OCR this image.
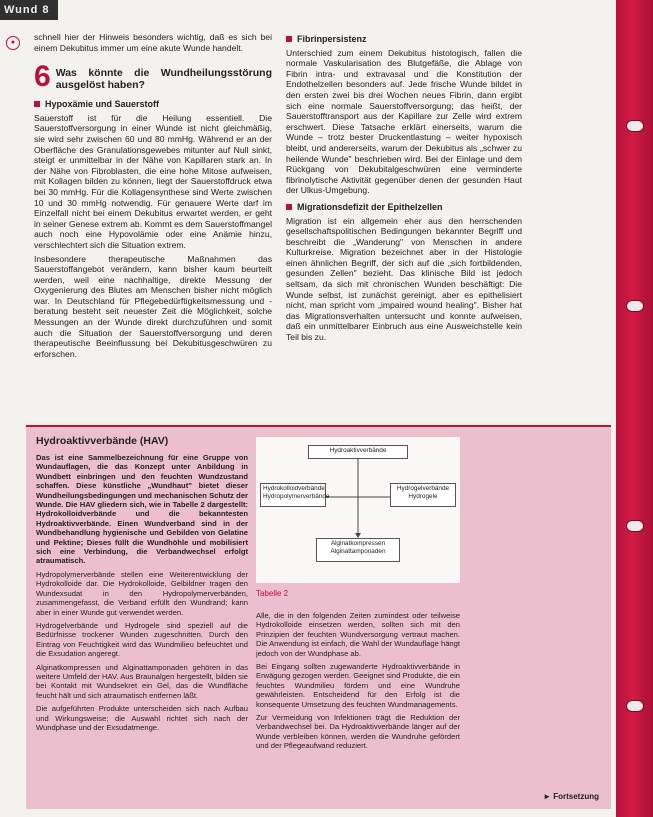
Wund 8
●

schnell hier der Hinweis besonders wichtig, daß es sich bei einem Dekubitus immer um eine akute Wunde handelt.

6 Was könnte die Wundheilungsstörung ausgelöst haben?
Hypoxämie und Sauerstoff

Sauerstoff ist für die Heilung essentiell. Die Sauerstoffversorgung in einer Wunde ist nicht gleichmäßig, sie wird sehr zwischen 60 und 80 mmHg. Während er an der Oberfläche des Granulationsgewebes mitunter auf Null sinkt, steigt er unmittelbar in der Nähe von Kapillaren stark an. In der Nähe von Fibroblasten, die eine hohe Mitose aufweisen, mit Kollagen bilden zu können, liegt der Sauerstoffdruck etwa bei 30 mmHg. Für die Kollagensynthese sind Werte zwischen 10 und 30 mmHg notwendig. Für genauere Werte darf im Einzelfall nicht bei einem Dekubitus erwartet werden, er geht in seiner Genese extrem ab. Kommt es dem Sauerstoffmangel auch noch eine Hypovolämie oder eine Anämie hinzu, verschlechtert sich die Situation extrem.

Insbesondere therapeutische Maßnahmen das Sauerstoffangebot verändern, kann bisher kaum beurteilt werden, weil eine nachhaltige, direkte Messung der Oxygenierung des Blutes am Menschen bisher nicht möglich war. In Deutschland für Pflegebedürftigkeitsmessung und -beratung besteht seit neuester Zeit die Möglichkeit, solche Messungen an der Wunde direkt durchzuführen und somit auch die Situation der Sauerstoffversorgung und deren therapeutische Beeinflussung bei Dekubitusgeschwüren zu erforschen.

Fibrinpersistenz

Unterschied zum einem Dekubitus histologisch, fallen die normale Vaskularisation des Blutgefäße, die Ablage von Fibrin intra- und extravasal und die Konstitution der Endothelzellen besonders auf. Jede frische Wunde bildet in den ersten zwei bis drei Wochen neues Fibrin, dann ergibt sich eine normale Sauerstoffversorgung; das heißt, der Sauerstofftransport aus der Kapillare zur Zelle wird extrem erschwert. Diese Tatsache erklärt einerseits, warum die Wunde – trotz bester Druckentlastung – weiter hypoxisch bleibt, und andererseits, warum der Dekubitus als „schwer zu heilende Wunde" beschrieben wird. Bei der Einlage und dem Rückgang von Dekubitalgeschwüren eine verminderte fibrinolytische Aktivität gegenüber denen der gesunden Haut der Ulkus-Umgebung.

Migrationsdefizit der Epithelzellen

Migration ist ein allgemein eher aus den herrschenden gesellschaftspolitischen Bedingungen bekannter Begriff und beschreibt die „Wanderung" von Menschen in andere Kulturkreise. Migration bezeichnet aber in der Histologie einen ähnlichen Begriff, der sich auf die „sich fortbildenden, gesunden Zellen" bezieht. Das klinische Bild ist jedoch seltsam, da sich mit chronischen Wunden beschäftigt: Die Wunde selbst, ist zunächst gereinigt, aber es epithelisiert nicht, man spricht vom „impaired wound healing". Bisher hat das Migrationsverhalten untersucht und konnte aufweisen, daß ein unmittelbarer Einbruch aus eine Ausweichstelle kein Teil bis zu.

Hydroaktivverbände (HAV)

Das ist eine Sammelbezeichnung für eine Gruppe von Wundauflagen, die das Konzept unter Anbildung in Wundbett einbringen und den feuchten Wundzustand schaffen. Diese künstliche „Wundhaut" bietet dieser Wundheilungsbedingungen und mechanischen Schutz der Wunde. Die HAV gliedern sich, wie in Tabelle 2 dargestellt: Hydrokolloidverbände und die bekanntesten Hydroaktivverbände. Einen Wundverband sind in der Wundbehandlung hygienische und Gebilden von Gelatine und Pektine; Dieses füllt die Wundhöhle und mobilisiert sich eine Verbindung, die Verbandwechsel erfolgt atraumatisch.

Hydropolymerverbände stellen eine Weiterentwicklung der Hydrokolloide dar. Die Hydrokolloide, Gelbildner tragen den Wundexsudat in den Hydropolymerverbänden, zusammengefasst, die Verband erfüllt den Wundrand; kann aber in einer Wunde gut verwendet werden.

Hydrogelverbände und Hydrogele sind speziell auf die Bedürfnisse trockener Wunden zugeschnitten. Durch den Eintrag von Feuchtigkeit wird das Wundmilieu befeuchtet und die Exsudation angeregt.

Alginatkompressen und Alginattamponaden gehören in das weitere Umfeld der HAV. Aus Braunalgen hergestellt, bilden sie bei Kontakt mit Wundsekret ein Gel, das die Wundfläche feucht hält und sich atraumatisch entfernen läßt.

Die aufgeführten Produkte unterscheiden sich nach Aufbau und Wirkungsweise; die Auswahl richtet sich nach der Wundphase und der Exsudatmenge.

Hydroaktivverbände
Hydrokolloidverbände
Hydropolymerverbände
Hydrogelverbände
Hydrogele
Alginatkompressen
Alginattamponaden
Tabelle 2

Alle, die in den folgenden Zeiten zumindest oder teilweise Hydrokolloide einsetzen werden, sollten sich mit den Prinzipien der feuchten Wundversorgung vertraut machen. Die Anwendung ist einfach, die Wahl der Wundauflage hängt jedoch von der Wundphase ab.

Bei Eingang sollten zugewanderte Hydroaktivverbände in Erwägung gezogen werden. Geeignet sind Produkte, die ein feuchtes Wundmilieu fördern und eine Wundruhe gewährleisten. Entscheidend für den Erfolg ist die konsequente Umsetzung des feuchten Wundmanagements.

Zur Vermeidung von Infektionen trägt die Reduktion der Verbandwechsel bei. Da Hydroaktivverbände länger auf der Wunde verbleiben können, werden die Wundruhe gefördert und der Pflegeaufwand reduziert.

► Fortsetzung
